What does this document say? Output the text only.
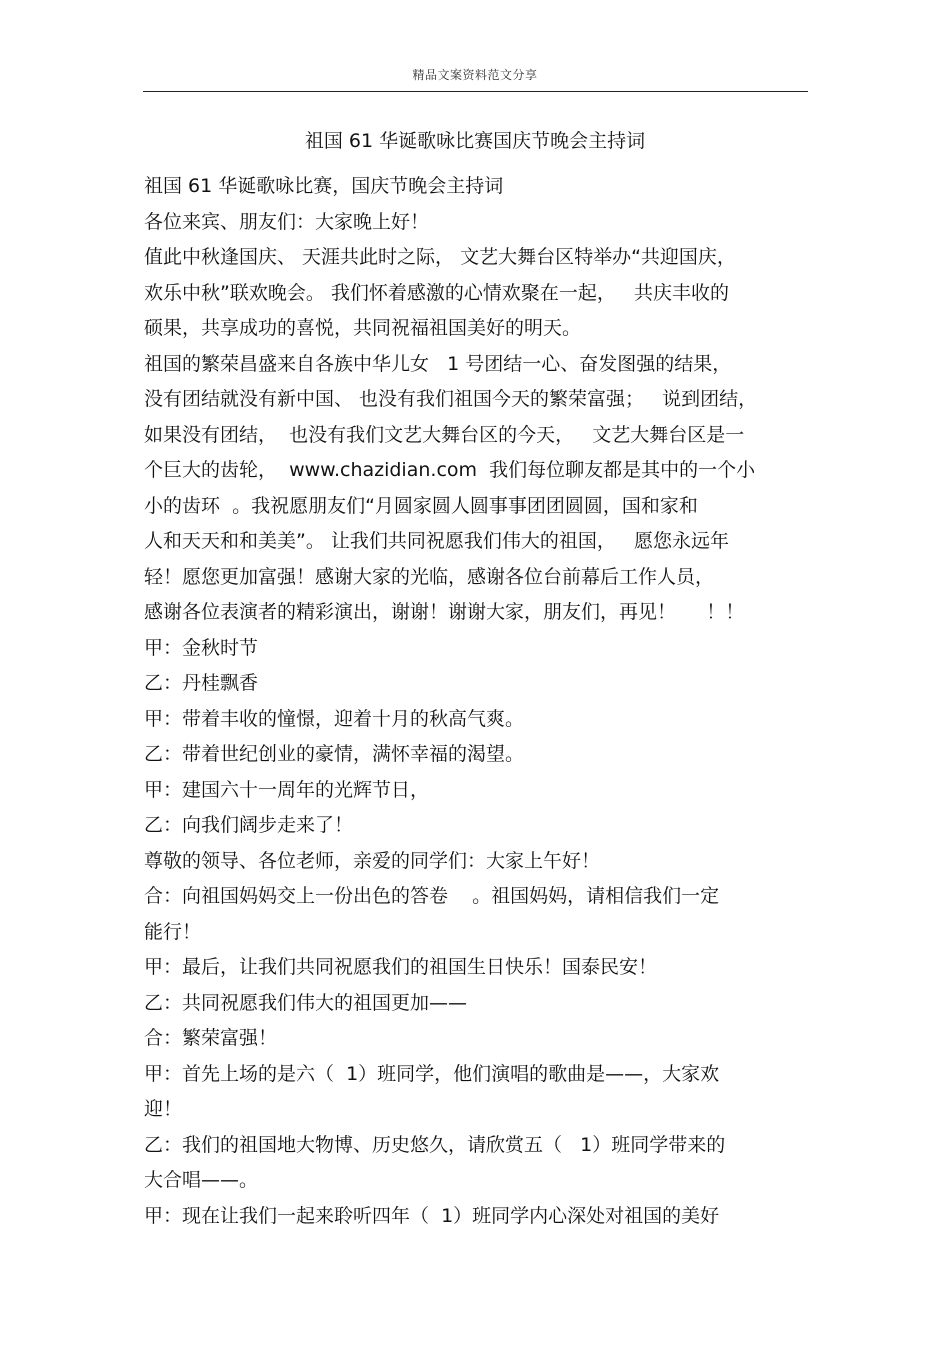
精品文案资料范文分享
祖国 61 华诞歌咏比赛国庆节晚会主持词
祖国 61 华诞歌咏比赛，国庆节晚会主持词
各位来宾、朋友们：大家晚上好！
值此中秋逢国庆、 天涯共此时之际， 文艺大舞台区特举办“共迎国庆，
欢乐中秋”联欢晚会。 我们怀着感激的心情欢聚在一起，   共庆丰收的
硕果，共享成功的喜悦，共同祝福祖国美好的明天。
祖国的繁荣昌盛来自各族中华儿女   1 号团结一心、奋发图强的结果，
没有团结就没有新中国、 也没有我们祖国今天的繁荣富强；   说到团结，
如果没有团结，  也没有我们文艺大舞台区的今天，   文艺大舞台区是一
个巨大的齿轮，  www.chazidian.com  我们每位聊友都是其中的一个小
小的齿环  。我祝愿朋友们“月圆家圆人圆事事团团圆圆，国和家和
人和天天和和美美”。 让我们共同祝愿我们伟大的祖国，   愿您永远年
轻！愿您更加富强！感谢大家的光临，感谢各位台前幕后工作人员，
感谢各位表演者的精彩演出，谢谢！谢谢大家，朋友们，再见！     ！！
甲：金秋时节
乙：丹桂飘香
甲：带着丰收的憧憬，迎着十月的秋高气爽。
乙：带着世纪创业的豪情，满怀幸福的渴望。
甲：建国六十一周年的光辉节日，
乙：向我们阔步走来了！
尊敬的领导、各位老师，亲爱的同学们：大家上午好！
合：向祖国妈妈交上一份出色的答卷    。祖国妈妈，请相信我们一定
能行！
甲：最后，让我们共同祝愿我们的祖国生日快乐！国泰民安！
乙：共同祝愿我们伟大的祖国更加——
合：繁荣富强！
甲：首先上场的是六（  1）班同学，他们演唱的歌曲是——，大家欢
迎！
乙：我们的祖国地大物博、历史悠久，请欣赏五（   1）班同学带来的
大合唱——。
甲：现在让我们一起来聆听四年（  1）班同学内心深处对祖国的美好
